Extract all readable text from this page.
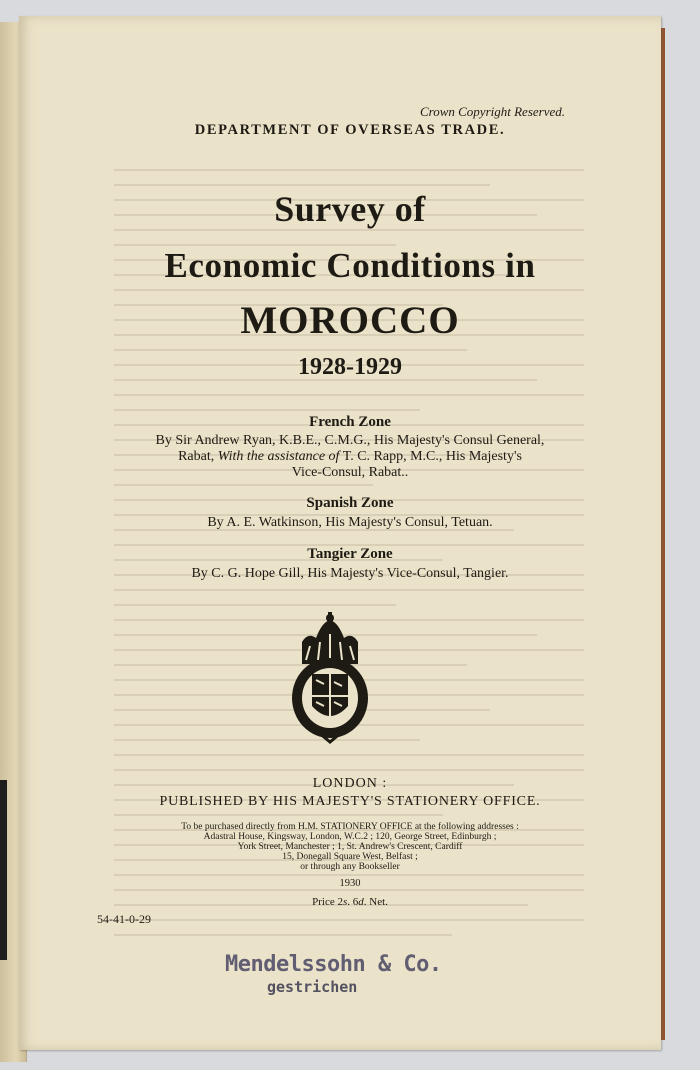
Crown Copyright Reserved.
DEPARTMENT OF OVERSEAS TRADE.
Survey of
Economic Conditions in
MOROCCO
1928-1929
French Zone
By Sir Andrew Ryan, K.B.E., C.M.G., His Majesty's Consul General,
Rabat, With the assistance of T. C. Rapp, M.C., His Majesty's
Vice-Consul, Rabat..
Spanish Zone
By A. E. Watkinson, His Majesty's Consul, Tetuan.
Tangier Zone
By C. G. Hope Gill, His Majesty's Vice-Consul, Tangier.
LONDON :
PUBLISHED BY HIS MAJESTY'S STATIONERY OFFICE.
To be purchased directly from H.M. STATIONERY OFFICE at the following addresses :
Adastral House, Kingsway, London, W.C.2 ; 120, George Street, Edinburgh ;
York Street, Manchester ; 1, St. Andrew's Crescent, Cardiff
15, Donegall Square West, Belfast ;
or through any Bookseller
1930
Price 2s. 6d. Net.
54-41-0-29
Mendelssohn & Co.
gestrichen
